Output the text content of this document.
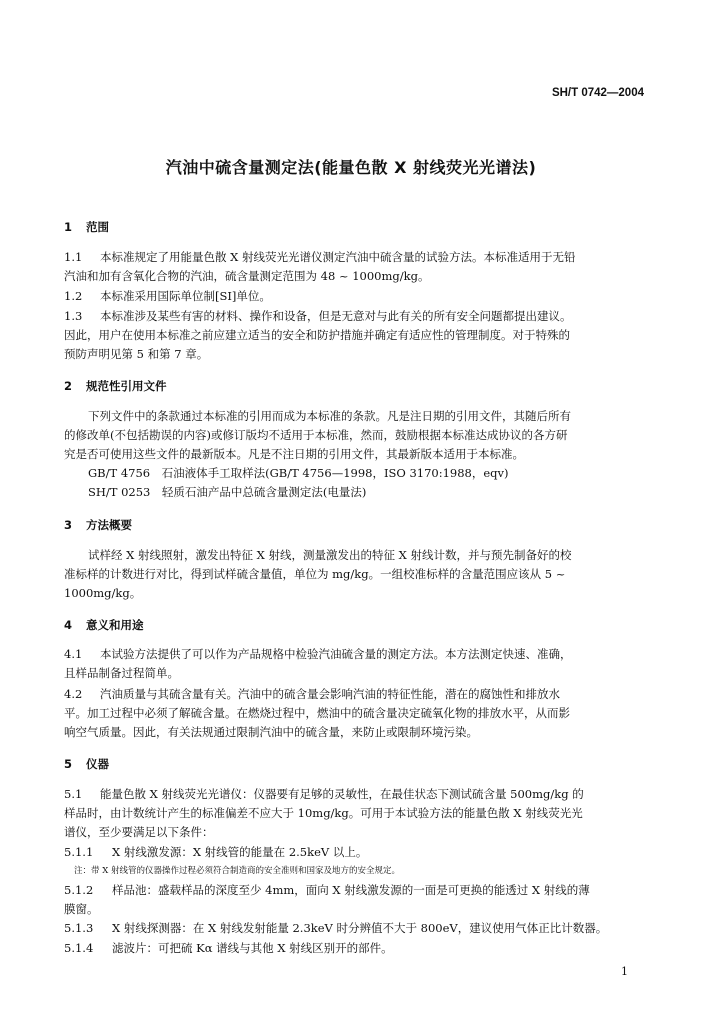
SH/T 0742—2004
汽油中硫含量测定法(能量色散 X 射线荧光光谱法)
1 范围
1.1 本标准规定了用能量色散 X 射线荧光光谱仪测定汽油中硫含量的试验方法。本标准适用于无铅
汽油和加有含氧化合物的汽油，硫含量测定范围为 48 ~ 1000mg/kg。
1.2 本标准采用国际单位制[SI]单位。
1.3 本标准涉及某些有害的材料、操作和设备，但是无意对与此有关的所有安全问题都提出建议。
因此，用户在使用本标准之前应建立适当的安全和防护措施并确定有适应性的管理制度。对于特殊的
预防声明见第 5 和第 7 章。
2 规范性引用文件
下列文件中的条款通过本标准的引用而成为本标准的条款。凡是注日期的引用文件，其随后所有
的修改单(不包括勘误的内容)或修订版均不适用于本标准，然而，鼓励根据本标准达成协议的各方研
究是否可使用这些文件的最新版本。凡是不注日期的引用文件，其最新版本适用于本标准。
GB/T 4756　石油液体手工取样法(GB/T 4756—1998，ISO 3170:1988，eqv)
SH/T 0253　轻质石油产品中总硫含量测定法(电量法)
3 方法概要
试样经 X 射线照射，激发出特征 X 射线，测量激发出的特征 X 射线计数，并与预先制备好的校
准标样的计数进行对比，得到试样硫含量值，单位为 mg/kg。一组校准标样的含量范围应该从 5 ~
1000mg/kg。
4 意义和用途
4.1 本试验方法提供了可以作为产品规格中检验汽油硫含量的测定方法。本方法测定快速、准确，
且样品制备过程简单。
4.2 汽油质量与其硫含量有关。汽油中的硫含量会影响汽油的特征性能，潜在的腐蚀性和排放水
平。加工过程中必须了解硫含量。在燃烧过程中，燃油中的硫含量决定硫氧化物的排放水平，从而影
响空气质量。因此，有关法规通过限制汽油中的硫含量，来防止或限制环境污染。
5 仪器
5.1 能量色散 X 射线荧光光谱仪：仪器要有足够的灵敏性，在最佳状态下测试硫含量 500mg/kg 的
样品时，由计数统计产生的标准偏差不应大于 10mg/kg。可用于本试验方法的能量色散 X 射线荧光光
谱仪，至少要满足以下条件：
5.1.1 X 射线激发源：X 射线管的能量在 2.5keV 以上。
注：带 X 射线管的仪器操作过程必须符合制造商的安全准则和国家及地方的安全规定。
5.1.2 样品池：盛载样品的深度至少 4mm，面向 X 射线激发源的一面是可更换的能透过 X 射线的薄
膜窗。
5.1.3 X 射线探测器：在 X 射线发射能量 2.3keV 时分辨值不大于 800eV，建议使用气体正比计数器。
5.1.4 滤波片：可把硫 Kα 谱线与其他 X 射线区别开的部件。
1
